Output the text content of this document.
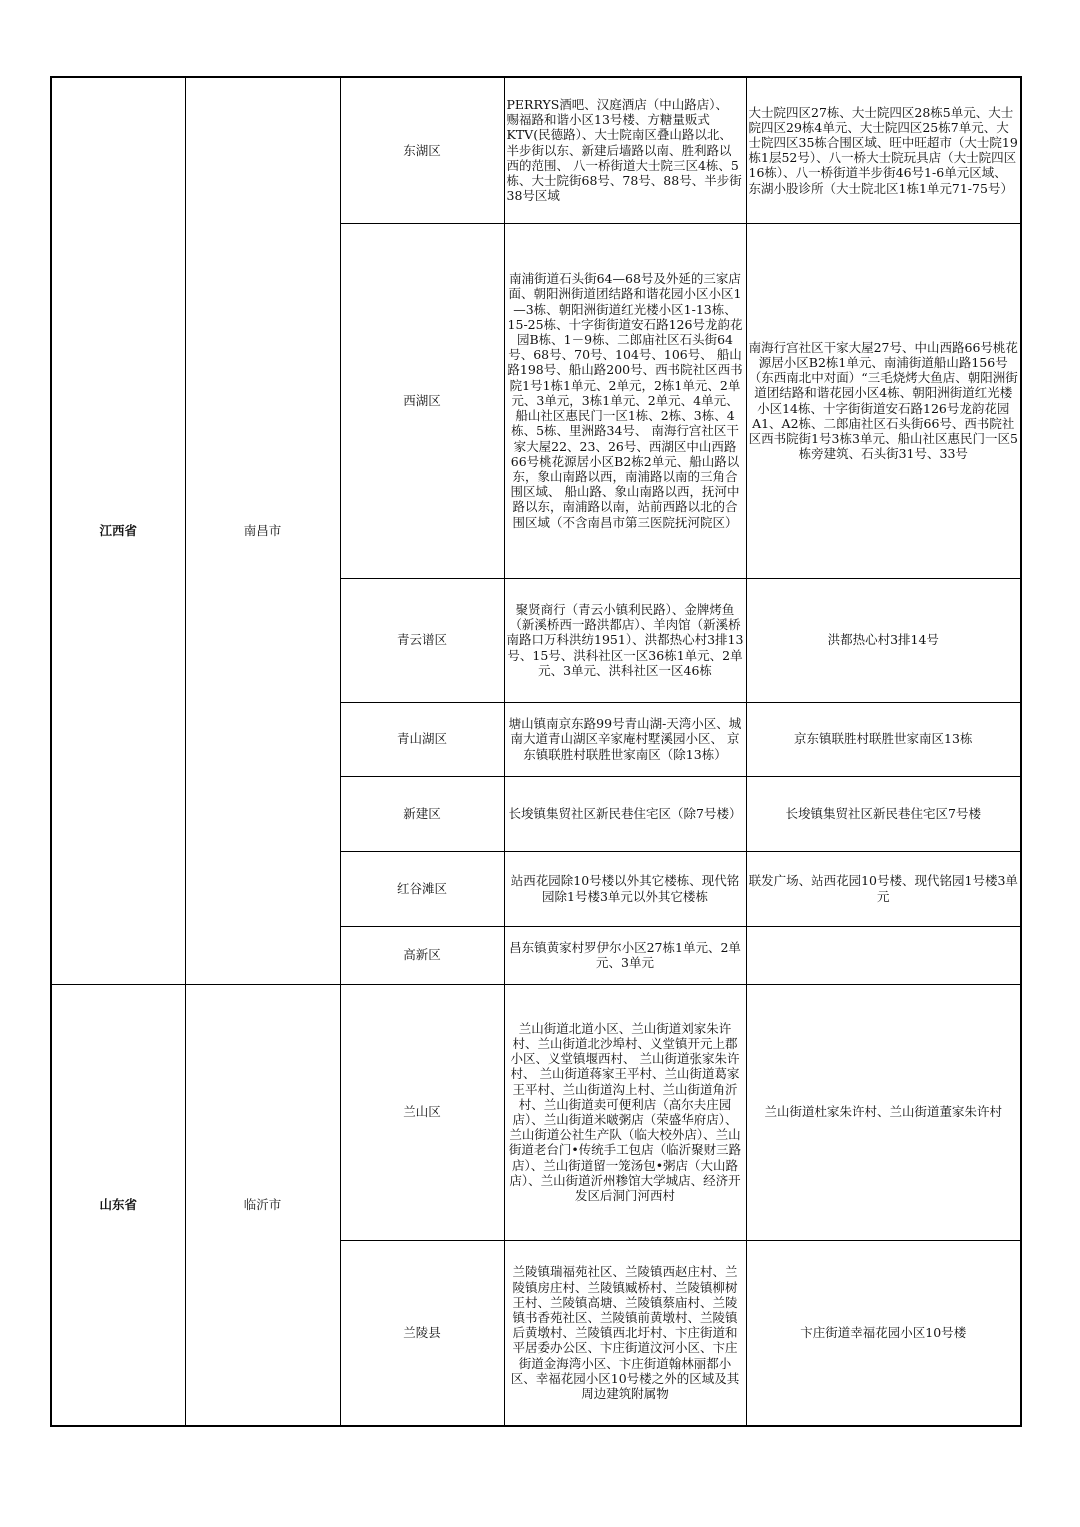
江西省	南昌市	东湖区	PERRYS酒吧、汉庭酒店（中山路店）、 赐福路和谐小区13号楼、方糖量贩式KTV(民德路）、大士院南区叠山路以北、半步街以东、新建后墙路以南、胜利路以西的范围、 八一桥街道大士院三区4栋、5栋、大士院街68号、78号、88号、半步街38号区域	大士院四区27栋、大士院四区28栋5单元、大士院四区29栋4单元、大士院四区25栋7单元、大士院四区35栋合围区域、旺中旺超市（大士院19栋1层52号）、八一桥大士院玩具店（大士院四区16栋）、八一桥街道半步街46号1-6单元区域、东湖小股诊所（大士院北区1栋1单元71-75号）
		西湖区	南浦街道石头街64—68号及外延的三家店面、朝阳洲街道团结路和谐花园小区小区1—3栋、朝阳洲街道红光楼小区1-13栋、15-25栋、十字街街道安石路126号龙韵花园B栋、1－9栋、二郎庙社区石头街64号、68号、70号、104号、106号、 船山路198号、船山路200号、西书院社区西书院1号1栋1单元、2单元，2栋1单元、2单元、3单元，3栋1单元、2单元、4单元、船山社区惠民门一区1栋、2栋、3栋、4栋、5栋、里洲路34号、 南海行宫社区干家大屋22、23、26号、西湖区中山西路66号桃花源居小区B2栋2单元、船山路以东，象山南路以西，南浦路以南的三角合围区域、 船山路、象山南路以西，抚河中路以东，南浦路以南，站前西路以北的合围区域（不含南昌市第三医院抚河院区）	南海行宫社区干家大屋27号、中山西路66号桃花源居小区B2栋1单元、南浦街道船山路156号（东西南北中对面）“三毛烧烤大鱼店、朝阳洲街道团结路和谐花园小区4栋、朝阳洲街道红光楼小区14栋、十字街街道安石路126号龙韵花园A1、A2栋、二郎庙社区石头街66号、西书院社区西书院街1号3栋3单元、船山社区惠民门一区5栋旁建筑、石头街31号、33号
		青云谱区	聚贤商行（青云小镇利民路）、金牌烤鱼（新溪桥西一路洪都店）、羊肉馆（新溪桥南路口万科洪纺1951）、洪都热心村3排13号、15号、洪科社区一区36栋1单元、2单元、3单元、洪科社区一区46栋	洪都热心村3排14号
		青山湖区	塘山镇南京东路99号青山湖-天湾小区、城南大道青山湖区辛家庵村墅溪园小区、 京东镇联胜村联胜世家南区（除13栋）	京东镇联胜村联胜世家南区13栋
		新建区	长埈镇集贸社区新民巷住宅区（除7号楼）	长埈镇集贸社区新民巷住宅区7号楼
		红谷滩区	站西花园除10号楼以外其它楼栋、现代铭园除1号楼3单元以外其它楼栋	联发广场、站西花园10号楼、现代铭园1号楼3单元
		高新区	昌东镇黄家村罗伊尔小区27栋1单元、2单元、3单元	
山东省	临沂市	兰山区	兰山街道北道小区、兰山街道刘家朱许村、兰山街道北沙埠村、义堂镇开元上郡小区、义堂镇堰西村、 兰山街道张家朱许村、 兰山街道蒋家王平村、兰山街道葛家王平村、兰山街道沟上村、兰山街道角沂村、兰山街道卖可便利店（高尔夫庄园店）、兰山街道米啵粥店（荣盛华府店）、兰山街道公社生产队（临大校外店）、兰山街道老台门•传统手工包店（临沂聚财三路店）、兰山街道留一笼汤包•粥店（大山路店）、兰山街道沂州糁馆大学城店、经济开发区后洞门河西村	兰山街道杜家朱许村、兰山街道董家朱许村
		兰陵县	兰陵镇瑞福苑社区、兰陵镇西赵庄村、兰陵镇房庄村、兰陵镇臧桥村、兰陵镇柳树王村、兰陵镇高塘、兰陵镇蔡庙村、兰陵镇书香苑社区、兰陵镇前黄墩村、兰陵镇后黄墩村、兰陵镇西北圩村、卞庄街道和平居委办公区、卞庄街道汶河小区、卞庄街道金海湾小区、卞庄街道翰林丽都小区、幸福花园小区10号楼之外的区域及其周边建筑附属物	卞庄街道幸福花园小区10号楼
